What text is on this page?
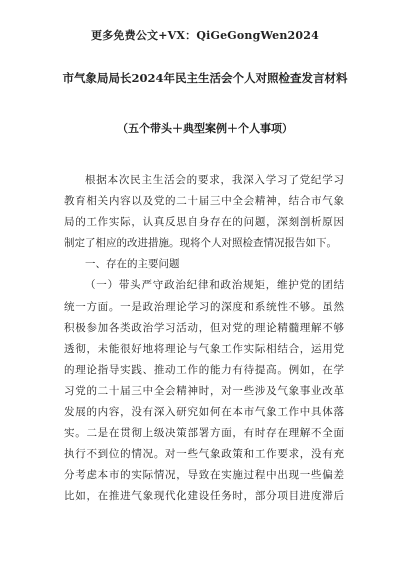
更多免费公文+VX：QiGeGongWen2024
市气象局局长2024年民主生活会个人对照检查发言材料
（五个带头＋典型案例＋个人事项）
根据本次民主生活会的要求，我深入学习了党纪学习
教育相关内容以及党的二十届三中全会精神，结合市气象
局的工作实际，认真反思自身存在的问题，深刻剖析原因
制定了相应的改进措施。现将个人对照检查情况报告如下。
一、存在的主要问题
（一）带头严守政治纪律和政治规矩，维护党的团结
统一方面。一是政治理论学习的深度和系统性不够。虽然
积极参加各类政治学习活动，但对党的理论精髓理解不够
透彻，未能很好地将理论与气象工作实际相结合，运用党
的理论指导实践、推动工作的能力有待提高。例如，在学
习党的二十届三中全会精神时，对一些涉及气象事业改革
发展的内容，没有深入研究如何在本市气象工作中具体落
实。二是在贯彻上级决策部署方面，有时存在理解不全面
执行不到位的情况。对一些气象政策和工作要求，没有充
分考虑本市的实际情况，导致在实施过程中出现一些偏差
比如，在推进气象现代化建设任务时，部分项目进度滞后
